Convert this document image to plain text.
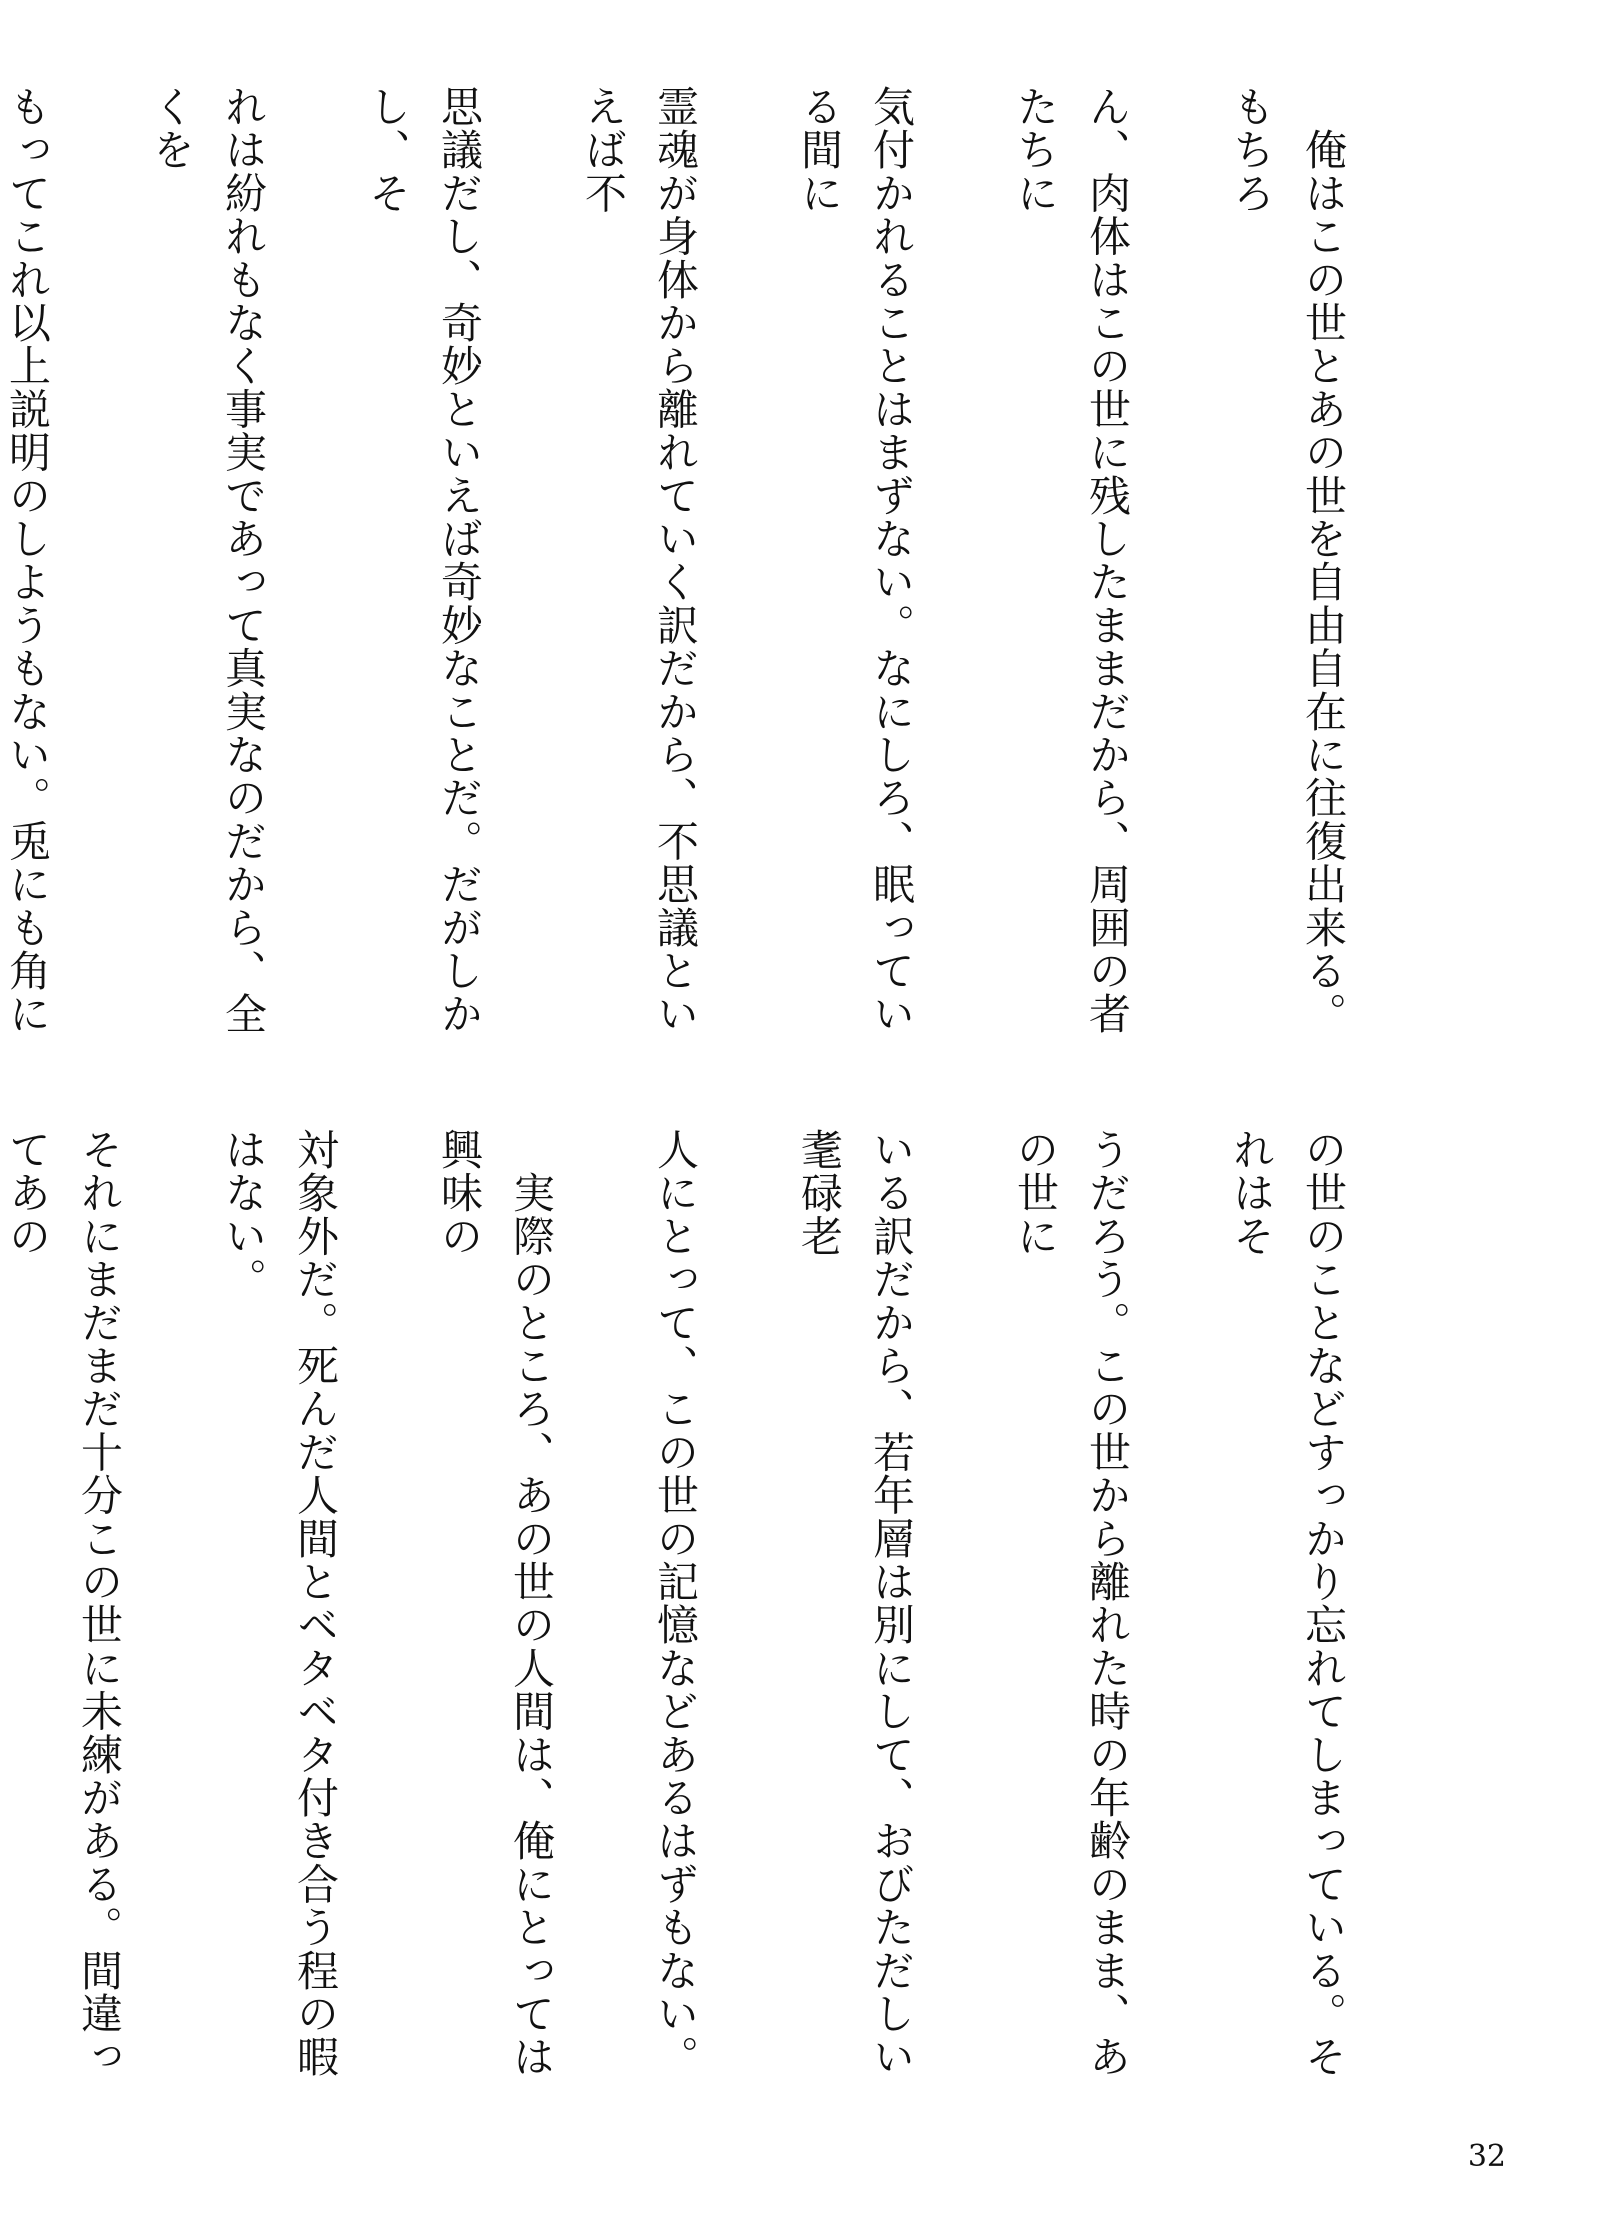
　俺はこの世とあの世を自由自在に往復出来る。もちろ

ん、肉体はこの世に残したままだから、周囲の者たちに

気付かれることはまずない。なにしろ、眠っている間に

霊魂が身体から離れていく訳だから、不思議といえば不

思議だし、奇妙といえば奇妙なことだ。だがしかし、そ

れは紛れもなく事実であって真実なのだから、全くを

もってこれ以上説明のしようもない。兎にも角に

の世のことなどすっかり忘れてしまっている。それはそ

うだろう。この世から離れた時の年齢のまま、あの世に

いる訳だから、若年層は別にして、おびただしい耄碌老

人にとって、この世の記憶などあるはずもない。

　実際のところ、あの世の人間は、俺にとっては興味の

対象外だ。死んだ人間とベタベタ付き合う程の暇はない。

それにまだまだ十分この世に未練がある。間違ってあの

32
